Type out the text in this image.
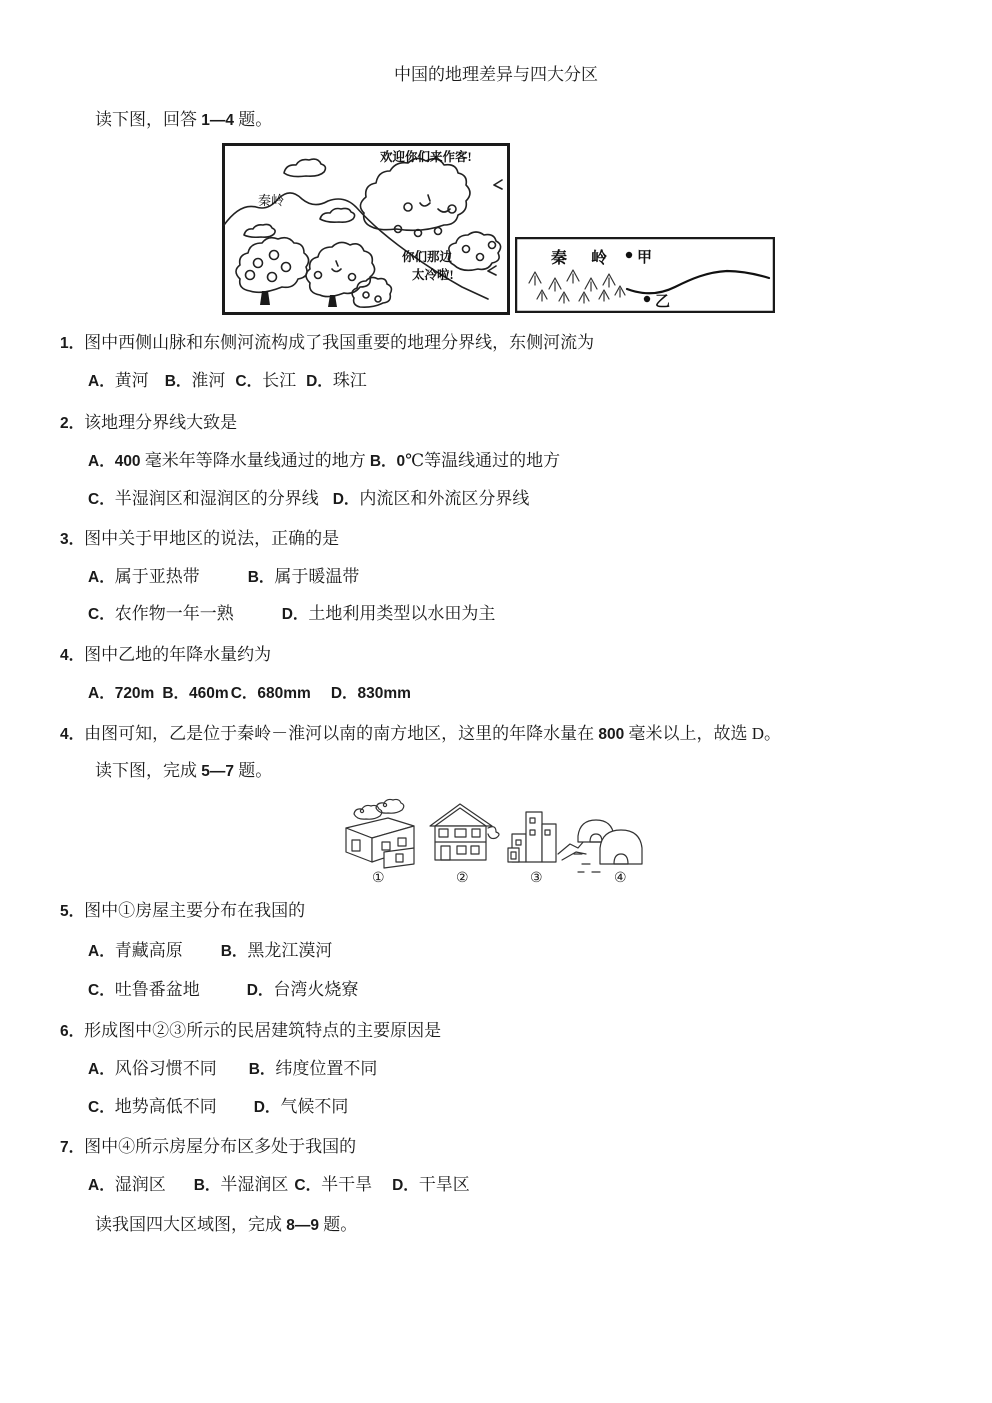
中国的地理差异与四大分区
读下图，回答 1—4 题。
秦岭
欢迎你们来作客!
你们那边
太冷啦!
秦 岭 甲
乙
1．图中西侧山脉和东侧河流构成了我国重要的地理分界线，东侧河流为
A．黄河 B．淮河 C．长江 D．珠江
2．该地理分界线大致是
A．400 毫米年等降水量线通过的地方 B．0℃等温线通过的地方
C．半湿润区和湿润区的分界线 D．内流区和外流区分界线
3．图中关于甲地区的说法，正确的是
A．属于亚热带	B．属于暖温带
C．农作物一年一熟	D．土地利用类型以水田为主
4．图中乙地的年降水量约为
A．720m B．460m C．680mm D．830mm
4．由图可知，乙是位于秦岭－淮河以南的南方地区，这里的年降水量在 800 毫米以上，故选 D。
读下图，完成 5—7 题。
①	②	③	④
5．图中①房屋主要分布在我国的
A．青藏高原 B．黑龙江漠河
C．吐鲁番盆地	D．台湾火烧寮
6．形成图中②③所示的民居建筑特点的主要原因是
A．风俗习惯不同 B．纬度位置不同
C．地势高低不同 D．气候不同
7．图中④所示房屋分布区多处于我国的
A．湿润区 B．半湿润区 C．半干旱 D．干旱区
读我国四大区域图，完成 8—9 题。
